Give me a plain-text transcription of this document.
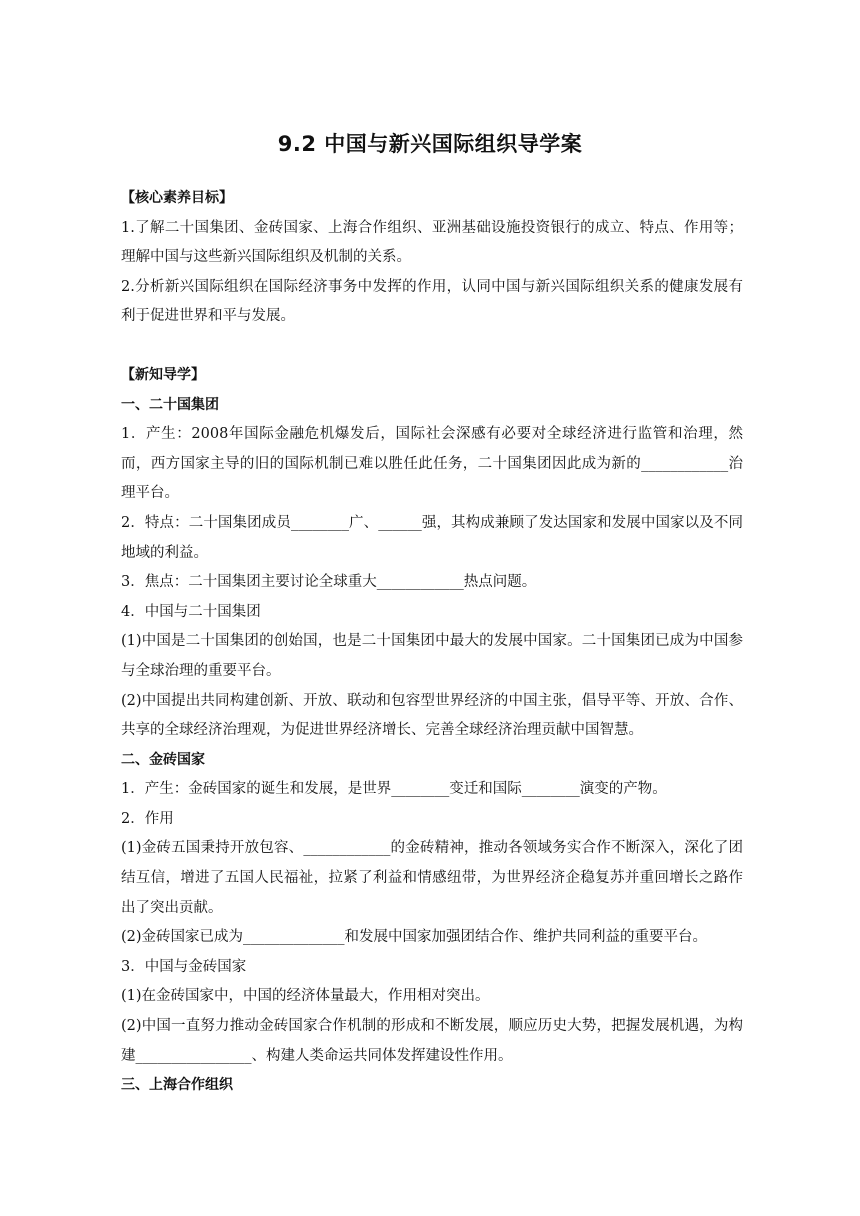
9.2 中国与新兴国际组织导学案

【核心素养目标】

1.了解二十国集团、金砖国家、上海合作组织、亚洲基础设施投资银行的成立、特点、作用等；理解中国与这些新兴国际组织及机制的关系。

2.分析新兴国际组织在国际经济事务中发挥的作用，认同中国与新兴国际组织关系的健康发展有利于促进世界和平与发展。

【新知导学】

一、二十国集团

1．产生：2008年国际金融危机爆发后，国际社会深感有必要对全球经济进行监管和治理，然而，西方国家主导的旧的国际机制已难以胜任此任务，二十国集团因此成为新的____________治理平台。

2．特点：二十国集团成员________广、______强，其构成兼顾了发达国家和发展中国家以及不同地域的利益。

3．焦点：二十国集团主要讨论全球重大____________热点问题。

4．中国与二十国集团

(1)中国是二十国集团的创始国，也是二十国集团中最大的发展中国家。二十国集团已成为中国参与全球治理的重要平台。

(2)中国提出共同构建创新、开放、联动和包容型世界经济的中国主张，倡导平等、开放、合作、共享的全球经济治理观，为促进世界经济增长、完善全球经济治理贡献中国智慧。

二、金砖国家

1．产生：金砖国家的诞生和发展，是世界________变迁和国际________演变的产物。

2．作用

(1)金砖五国秉持开放包容、____________的金砖精神，推动各领域务实合作不断深入，深化了团结互信，增进了五国人民福祉，拉紧了利益和情感纽带，为世界经济企稳复苏并重回增长之路作出了突出贡献。

(2)金砖国家已成为______________和发展中国家加强团结合作、维护共同利益的重要平台。

3．中国与金砖国家

(1)在金砖国家中，中国的经济体量最大，作用相对突出。

(2)中国一直努力推动金砖国家合作机制的形成和不断发展，顺应历史大势，把握发展机遇，为构建________________、构建人类命运共同体发挥建设性作用。

三、上海合作组织
